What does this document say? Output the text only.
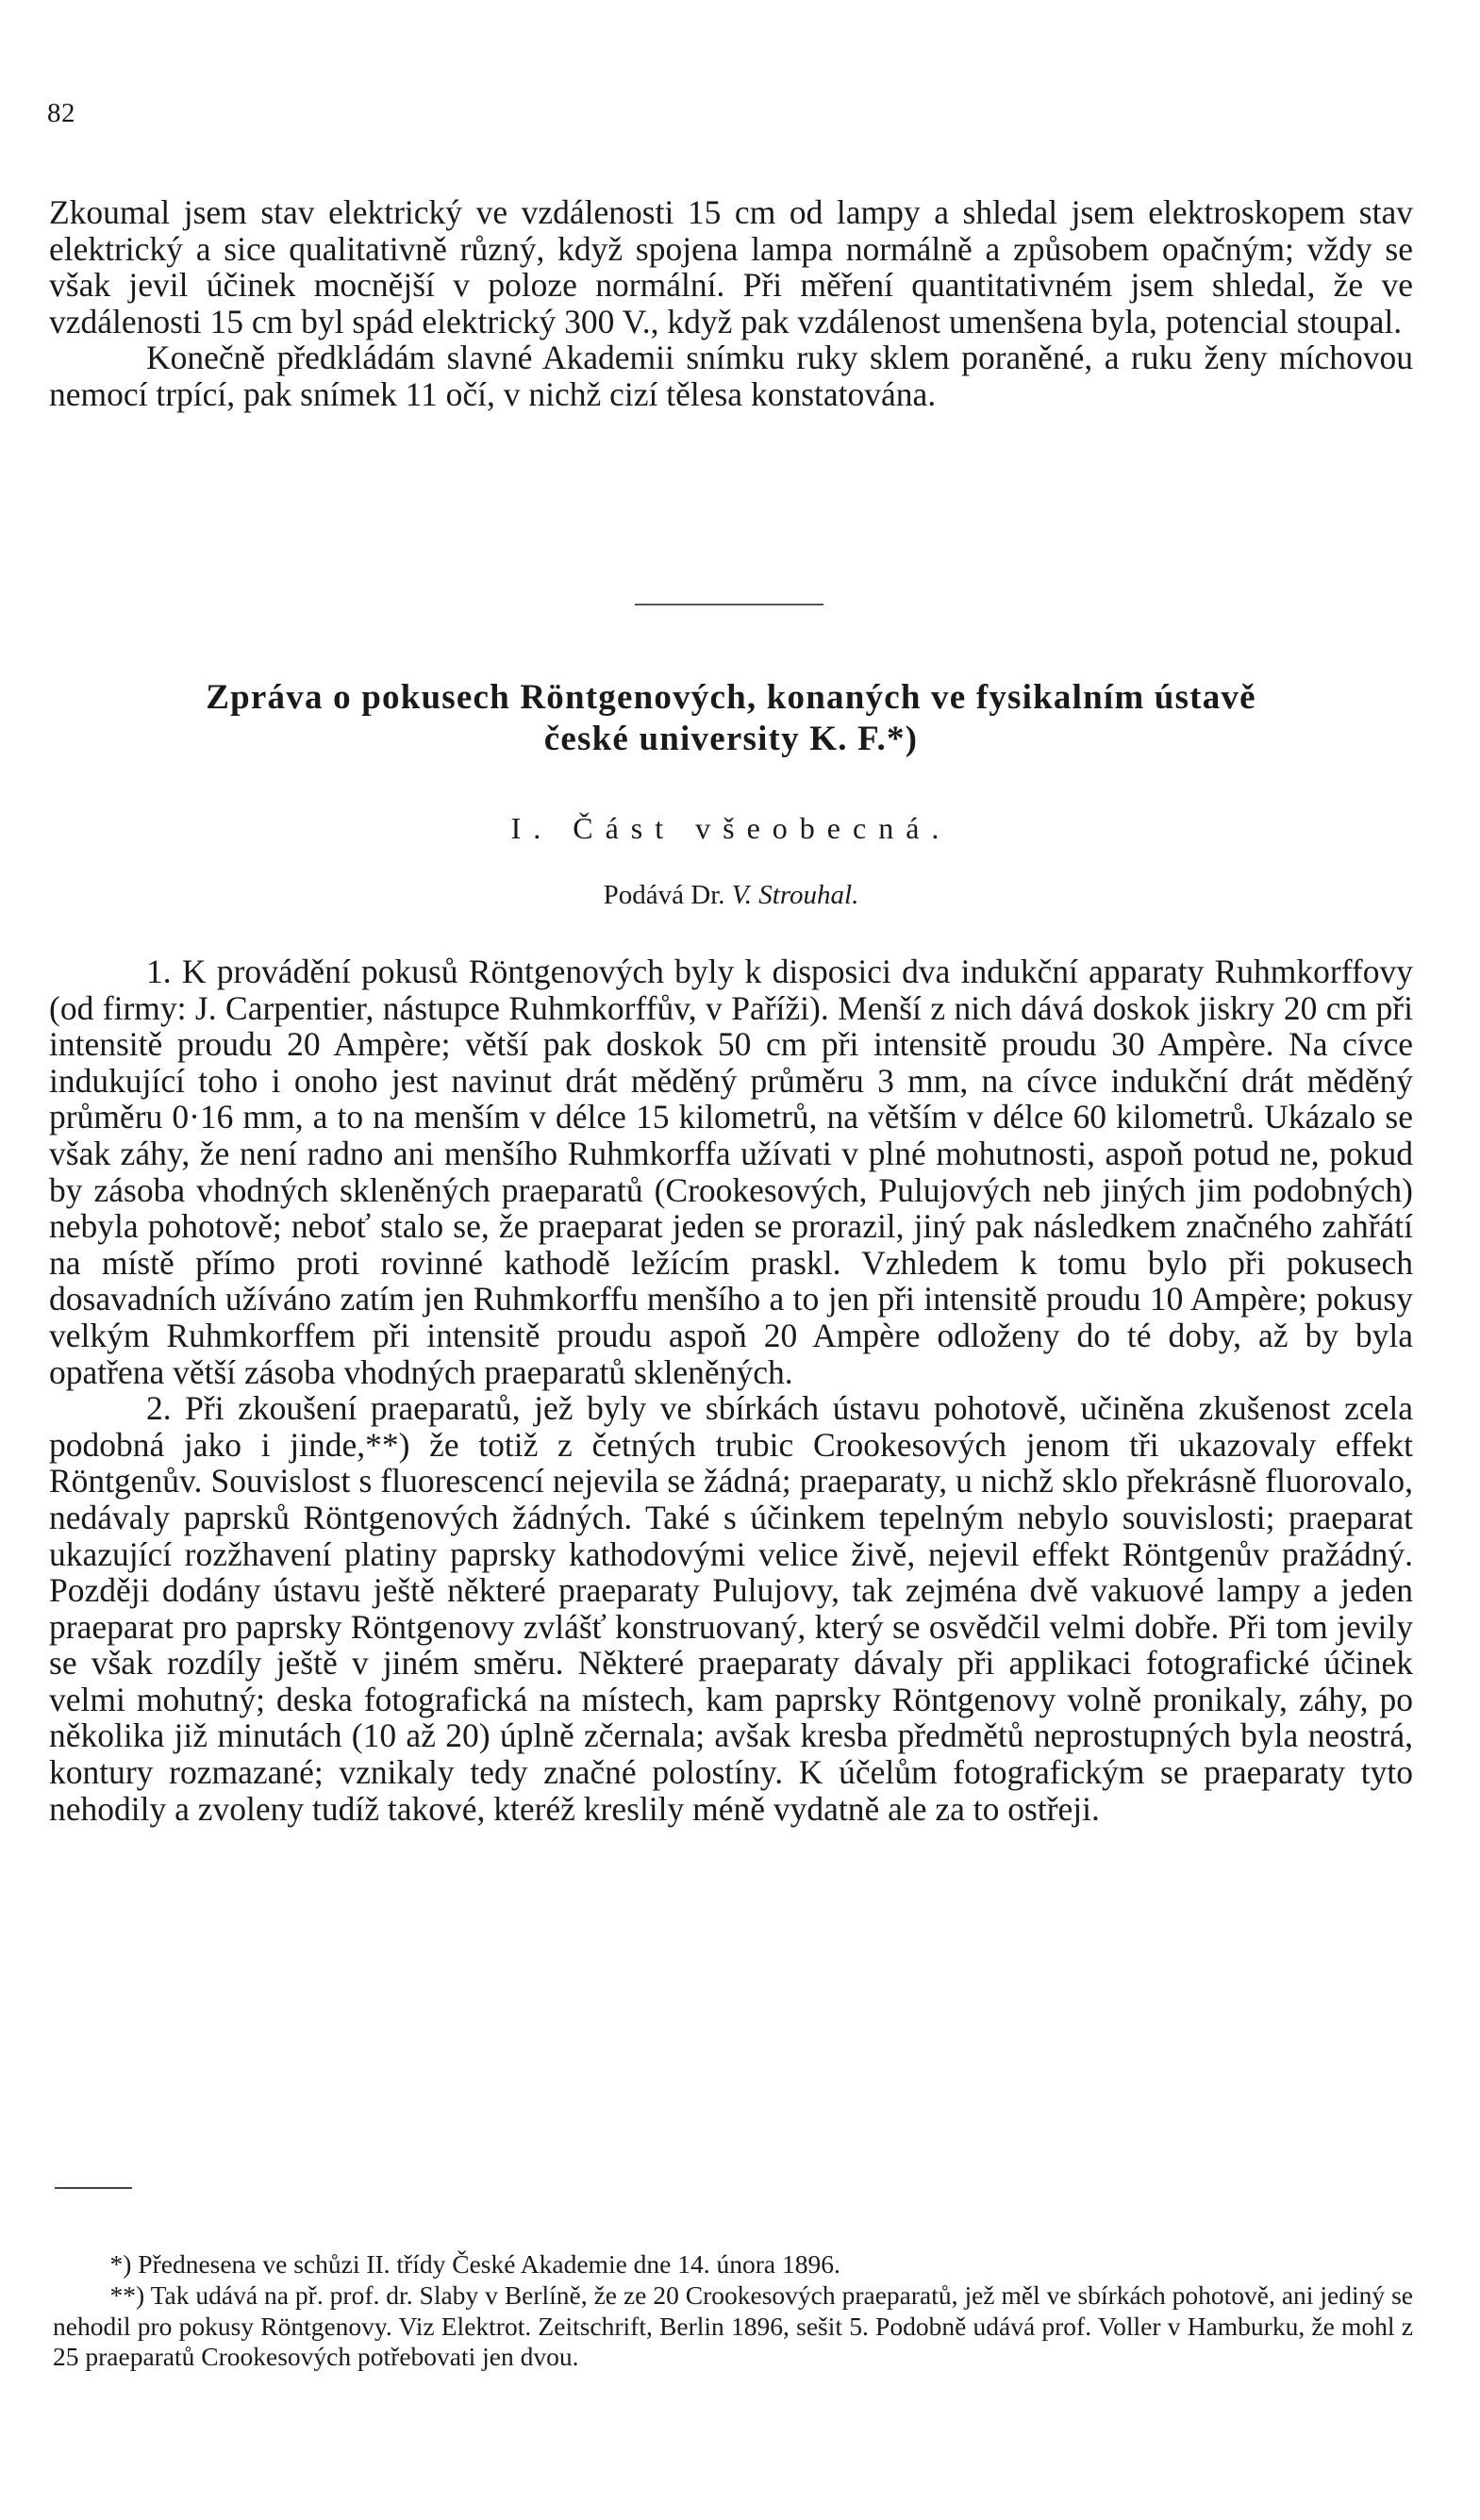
82

Zkoumal jsem stav elektrický ve vzdálenosti 15 cm od lampy a shledal jsem elektroskopem stav elektrický a sice qualitativně různý, když spojena lampa normálně a způsobem opačným; vždy se však jevil účinek mocnější v poloze normální. Při měření quantitativném jsem shledal, že ve vzdálenosti 15 cm byl spád elektrický 300 V., když pak vzdálenost umenšena byla, potencial stoupal.

Konečně předkládám slavné Akademii snímku ruky sklem poraněné, a ruku ženy míchovou nemocí trpící, pak snímek 11 očí, v nichž cizí tělesa konstatována.

Zpráva o pokusech Röntgenových, konaných ve fysikalním ústavě
české university K. F.*)
I. Část všeobecná.
Podává Dr. V. Strouhal.

1. K provádění pokusů Röntgenových byly k disposici dva indukční apparaty Ruhmkorffovy (od firmy: J. Carpentier, nástupce Ruhmkorffův, v Paříži). Menší z nich dává doskok jiskry 20 cm při intensitě proudu 20 Ampère; větší pak doskok 50 cm při intensitě proudu 30 Ampère. Na cívce indukující toho i onoho jest navinut drát měděný průměru 3 mm, na cívce indukční drát měděný průměru 0·16 mm, a to na menším v délce 15 kilometrů, na větším v délce 60 kilometrů. Ukázalo se však záhy, že není radno ani menšího Ruhmkorffa užívati v plné mohutnosti, aspoň potud ne, pokud by zásoba vhodných skleněných praeparatů (Crookesových, Pulujových neb jiných jim podobných) nebyla pohotově; neboť stalo se, že praeparat jeden se prorazil, jiný pak následkem značného zahřátí na místě přímo proti rovinné kathodě ležícím praskl. Vzhledem k tomu bylo při pokusech dosavadních užíváno zatím jen Ruhmkorffu menšího a to jen při intensitě proudu 10 Ampère; pokusy velkým Ruhmkorffem při intensitě proudu aspoň 20 Ampère odloženy do té doby, až by byla opatřena větší zásoba vhodných praeparatů skleněných.

2. Při zkoušení praeparatů, jež byly ve sbírkách ústavu pohotově, učiněna zkušenost zcela podobná jako i jinde,**) že totiž z četných trubic Crookesových jenom tři ukazovaly effekt Röntgenův. Souvislost s fluorescencí nejevila se žádná; praeparaty, u nichž sklo překrásně fluorovalo, nedávaly paprsků Röntgenových žádných. Také s účinkem tepelným nebylo souvislosti; praeparat ukazující rozžhavení platiny paprsky kathodovými velice živě, nejevil effekt Röntgenův pražádný. Později dodány ústavu ještě některé praeparaty Pulujovy, tak zejména dvě vakuové lampy a jeden praeparat pro paprsky Röntgenovy zvlášť konstruovaný, který se osvědčil velmi dobře. Při tom jevily se však rozdíly ještě v jiném směru. Některé praeparaty dávaly při applikaci fotografické účinek velmi mohutný; deska fotografická na místech, kam paprsky Röntgenovy volně pronikaly, záhy, po několika již minutách (10 až 20) úplně zčernala; avšak kresba předmětů neprostupných byla neostrá, kontury rozmazané; vznikaly tedy značné polostíny. K účelům fotografickým se praeparaty tyto nehodily a zvoleny tudíž takové, kteréž kreslily méně vydatně ale za to ostřeji.

*) Přednesena ve schůzi II. třídy České Akademie dne 14. února 1896.

**) Tak udává na př. prof. dr. Slaby v Berlíně, že ze 20 Crookesových praeparatů, jež měl ve sbírkách pohotově, ani jediný se nehodil pro pokusy Röntgenovy. Viz Elektrot. Zeitschrift, Berlin 1896, sešit 5. Podobně udává prof. Voller v Hamburku, že mohl z 25 praeparatů Crookesových potřebovati jen dvou.
